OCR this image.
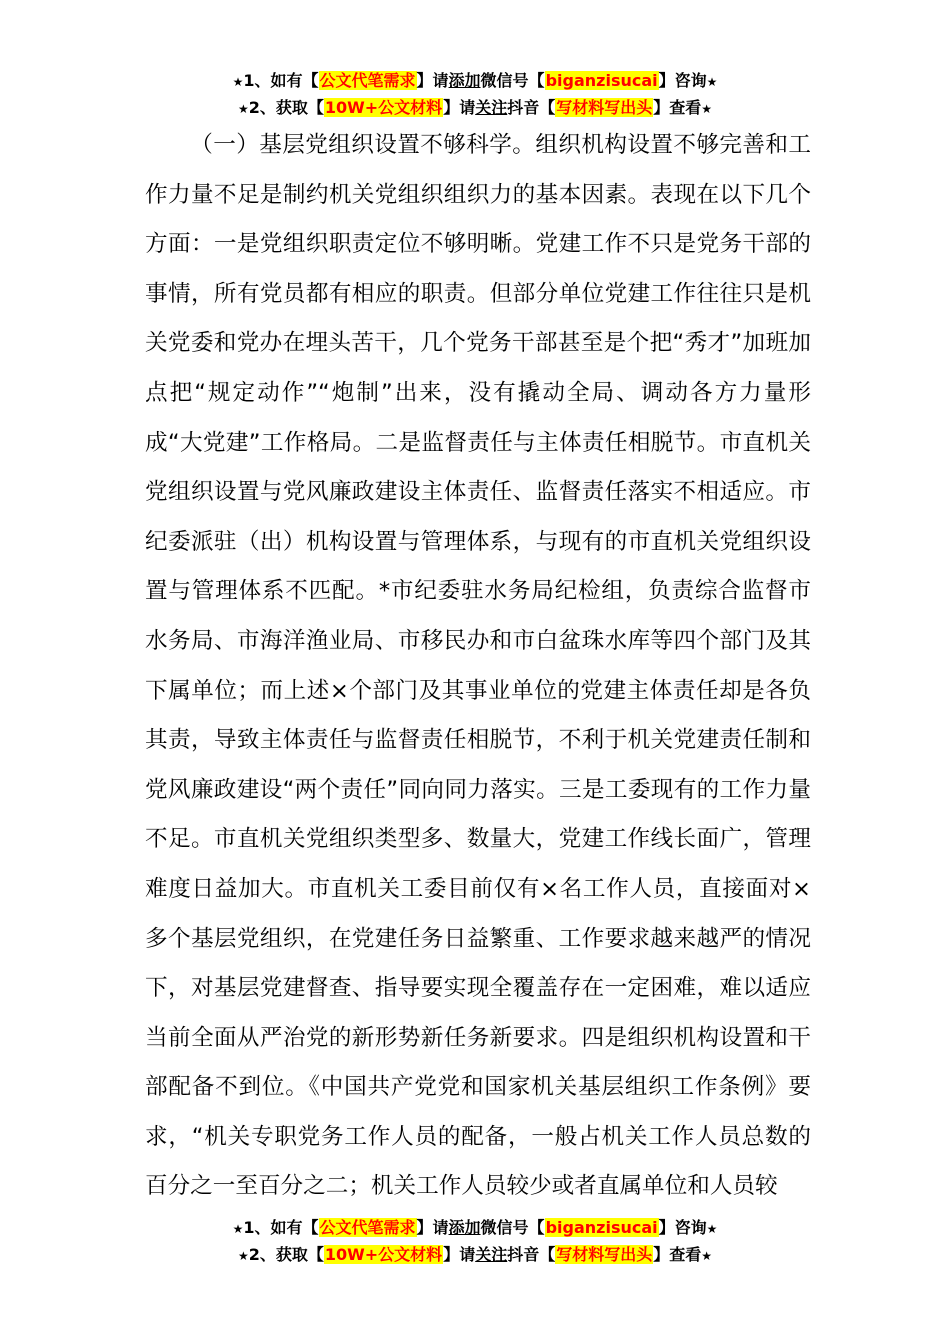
★1、如有【公文代笔需求】请添加微信号【biganzisucai】咨询★
★2、获取【10W+公文材料】请关注抖音【写材料写出头】查看★

（一）基层党组织设置不够科学。组织机构设置不够完善和工作力量不足是制约机关党组织组织力的基本因素。表现在以下几个方面：一是党组织职责定位不够明晰。党建工作不只是党务干部的事情，所有党员都有相应的职责。但部分单位党建工作往往只是机关党委和党办在埋头苦干，几个党务干部甚至是个把“秀才”加班加点把“规定动作”“炮制”出来，没有撬动全局、调动各方力量形成“大党建”工作格局。二是监督责任与主体责任相脱节。市直机关党组织设置与党风廉政建设主体责任、监督责任落实不相适应。市纪委派驻（出）机构设置与管理体系，与现有的市直机关党组织设置与管理体系不匹配。*市纪委驻水务局纪检组，负责综合监督市水务局、市海洋渔业局、市移民办和市白盆珠水库等四个部门及其下属单位；而上述×个部门及其事业单位的党建主体责任却是各负其责，导致主体责任与监督责任相脱节，不利于机关党建责任制和党风廉政建设“两个责任”同向同力落实。三是工委现有的工作力量不足。市直机关党组织类型多、数量大，党建工作线长面广，管理难度日益加大。市直机关工委目前仅有×名工作人员，直接面对×多个基层党组织，在党建任务日益繁重、工作要求越来越严的情况下，对基层党建督查、指导要实现全覆盖存在一定困难，难以适应当前全面从严治党的新形势新任务新要求。四是组织机构设置和干部配备不到位。《中国共产党党和国家机关基层组织工作条例》要求，“机关专职党务工作人员的配备，一般占机关工作人员总数的百分之一至百分之二；机关工作人员较少或者直属单位和人员较

★1、如有【公文代笔需求】请添加微信号【biganzisucai】咨询★
★2、获取【10W+公文材料】请关注抖音【写材料写出头】查看★
